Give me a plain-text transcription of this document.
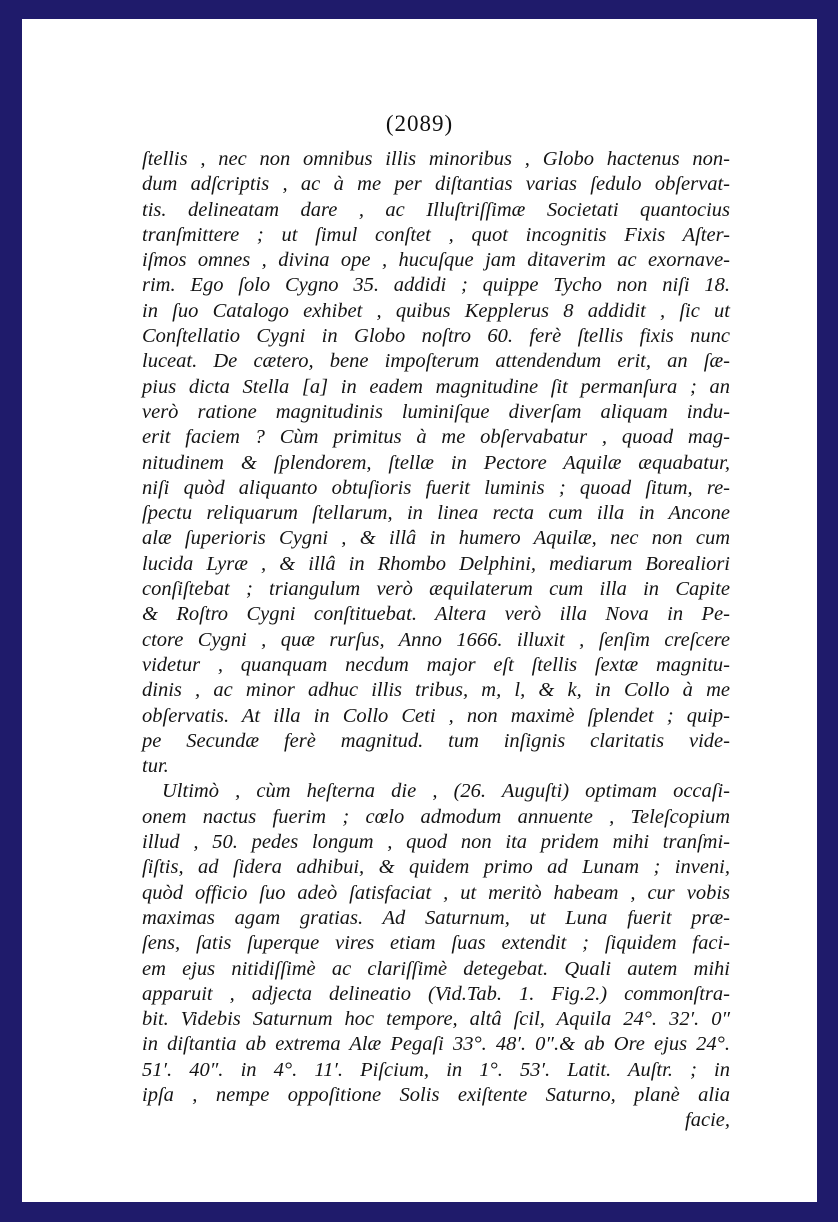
(2089)
ſtellis , nec non omnibus illis minoribus , Globo hactenus non-
dum adſcriptis , ac à me per diſtantias varias ſedulo obſervat-
tis. delineatam dare , ac Illuſtriſſimæ Societati quantocius
tranſmittere ; ut ſimul conſtet , quot incognitis Fixis Aſter-
iſmos omnes , divina ope , hucuſque jam ditaverim ac exornave-
rim. Ego ſolo Cygno 35. addidi ; quippe Tycho non niſi 18.
in ſuo Catalogo exhibet , quibus Kepplerus 8 addidit , ſic ut
Conſtellatio Cygni in Globo noſtro 60. ferè ſtellis fixis nunc
luceat. De cætero, bene impoſterum attendendum erit, an ſæ-
pius dicta Stella [a] in eadem magnitudine ſit permanſura ; an
verò ratione magnitudinis luminiſque diverſam aliquam indu-
erit faciem ? Cùm primitus à me obſervabatur , quoad mag-
nitudinem & ſplendorem, ſtellæ in Pectore Aquilæ æquabatur,
niſi quòd aliquanto obtuſioris fuerit luminis ; quoad ſitum, re-
ſpectu reliquarum ſtellarum, in linea recta cum illa in Ancone
alæ ſuperioris Cygni , & illâ in humero Aquilæ, nec non cum
lucida Lyræ , & illâ in Rhombo Delphini, mediarum Borealiori
conſiſtebat ; triangulum verò æquilaterum cum illa in Capite
& Roſtro Cygni conſtituebat. Altera verò illa Nova in Pe-
ctore Cygni , quæ rurſus, Anno 1666. illuxit , ſenſim creſcere
videtur , quanquam necdum major eſt ſtellis ſextæ magnitu-
dinis , ac minor adhuc illis tribus, m, l, & k, in Collo à me
obſervatis. At illa in Collo Ceti , non maximè ſplendet ; quip-
pe Secundæ ferè magnitud. tum inſignis claritatis vide-
tur.
Ultimò , cùm heſterna die , (26. Auguſti) optimam occaſi-
onem nactus fuerim ; cœlo admodum annuente , Teleſcopium
illud , 50. pedes longum , quod non ita pridem mihi tranſmi-
ſiſtis, ad ſidera adhibui, & quidem primo ad Lunam ; inveni,
quòd officio ſuo adeò ſatisfaciat , ut meritò habeam , cur vobis
maximas agam gratias. Ad Saturnum, ut Luna fuerit præ-
ſens, ſatis ſuperque vires etiam ſuas extendit ; ſiquidem faci-
em ejus nitidiſſimè ac clariſſimè detegebat. Quali autem mihi
apparuit , adjecta delineatio (Vid.Tab. 1. Fig.2.) commonſtra-
bit. Videbis Saturnum hoc tempore, altâ ſcil, Aquila 24°. 32′. 0″
in diſtantia ab extrema Alæ Pegaſi 33°. 48′. 0″.& ab Ore ejus 24°.
51′. 40″. in 4°. 11′. Piſcium, in 1°. 53′. Latit. Auſtr. ; in
ipſa , nempe oppoſitione Solis exiſtente Saturno, planè alia
facie,
